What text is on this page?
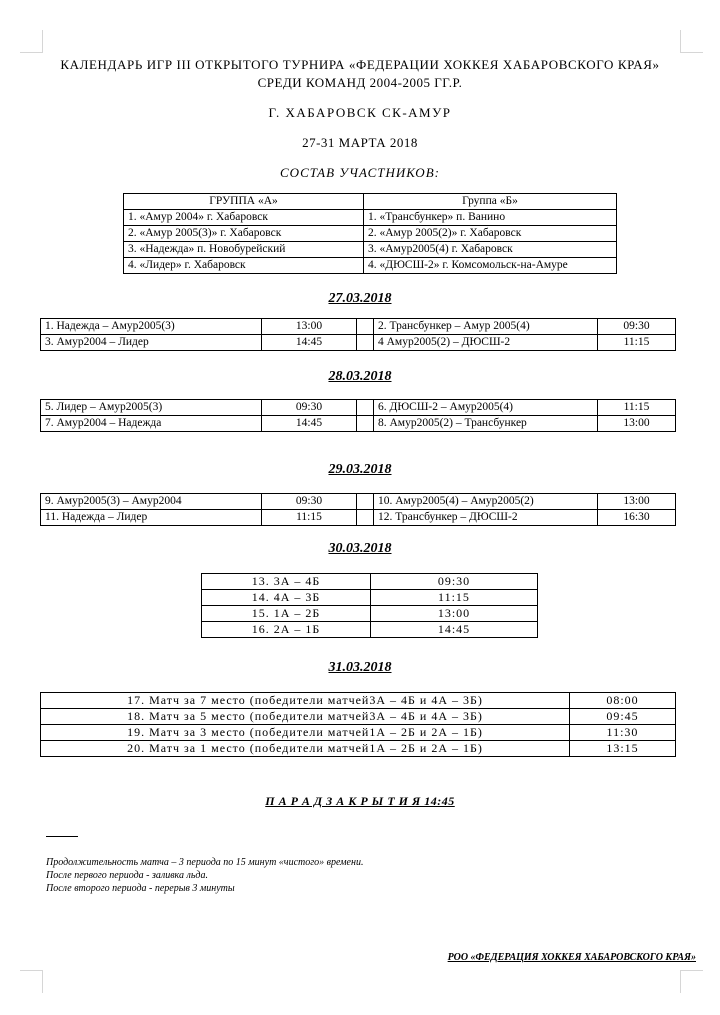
КАЛЕНДАРЬ ИГР III ОТКРЫТОГО ТУРНИРА «ФЕДЕРАЦИИ ХОККЕЯ ХАБАРОВСКОГО КРАЯ»
СРЕДИ КОМАНД 2004-2005 ГГ.Р.
Г. ХАБАРОВСК СК-АМУР
27-31 МАРТА 2018
СОСТАВ УЧАСТНИКОВ:
ГРУППА «А»	Группа «Б»
1. «Амур 2004» г. Хабаровск	1. «Трансбункер» п. Ванино
2. «Амур 2005(3)» г. Хабаровск	2. «Амур 2005(2)» г. Хабаровск
3. «Надежда» п. Новобурейский	3. «Амур2005(4) г. Хабаровск
4. «Лидер» г. Хабаровск	4. «ДЮСШ-2» г. Комсомольск-на-Амуре
27.03.2018
1. Надежда – Амур2005(3)	13:00		2. Трансбункер – Амур 2005(4)	09:30
3. Амур2004 – Лидер	14:45		4 Амур2005(2) – ДЮСШ-2	11:15
28.03.2018
5. Лидер – Амур2005(3)	09:30		6. ДЮСШ-2 – Амур2005(4)	11:15
7. Амур2004 – Надежда	14:45		8. Амур2005(2) – Трансбункер	13:00
29.03.2018
9. Амур2005(3) – Амур2004	09:30		10. Амур2005(4) – Амур2005(2)	13:00
11. Надежда – Лидер	11:15		12. Трансбункер – ДЮСШ-2	16:30
30.03.2018
13. 3А – 4Б	09:30
14. 4А – 3Б	11:15
15. 1А – 2Б	13:00
16. 2А – 1Б	14:45
31.03.2018
17. Матч за 7 место (победители матчей3А – 4Б и 4А – 3Б)	08:00
18. Матч за 5 место (победители матчей3А – 4Б и 4А – 3Б)	09:45
19. Матч за 3 место (победители матчей1А – 2Б и 2А – 1Б)	11:30
20. Матч за 1 место (победители матчей1А – 2Б и 2А – 1Б)	13:15
П А Р А Д З А К Р Ы Т И Я 14:45
Продолжительность матча – 3 периода по 15 минут «чистого» времени.
После первого периода - заливка льда.
После второго периода - перерыв 3 минуты
РОО «ФЕДЕРАЦИЯ ХОККЕЯ ХАБАРОВСКОГО КРАЯ»
